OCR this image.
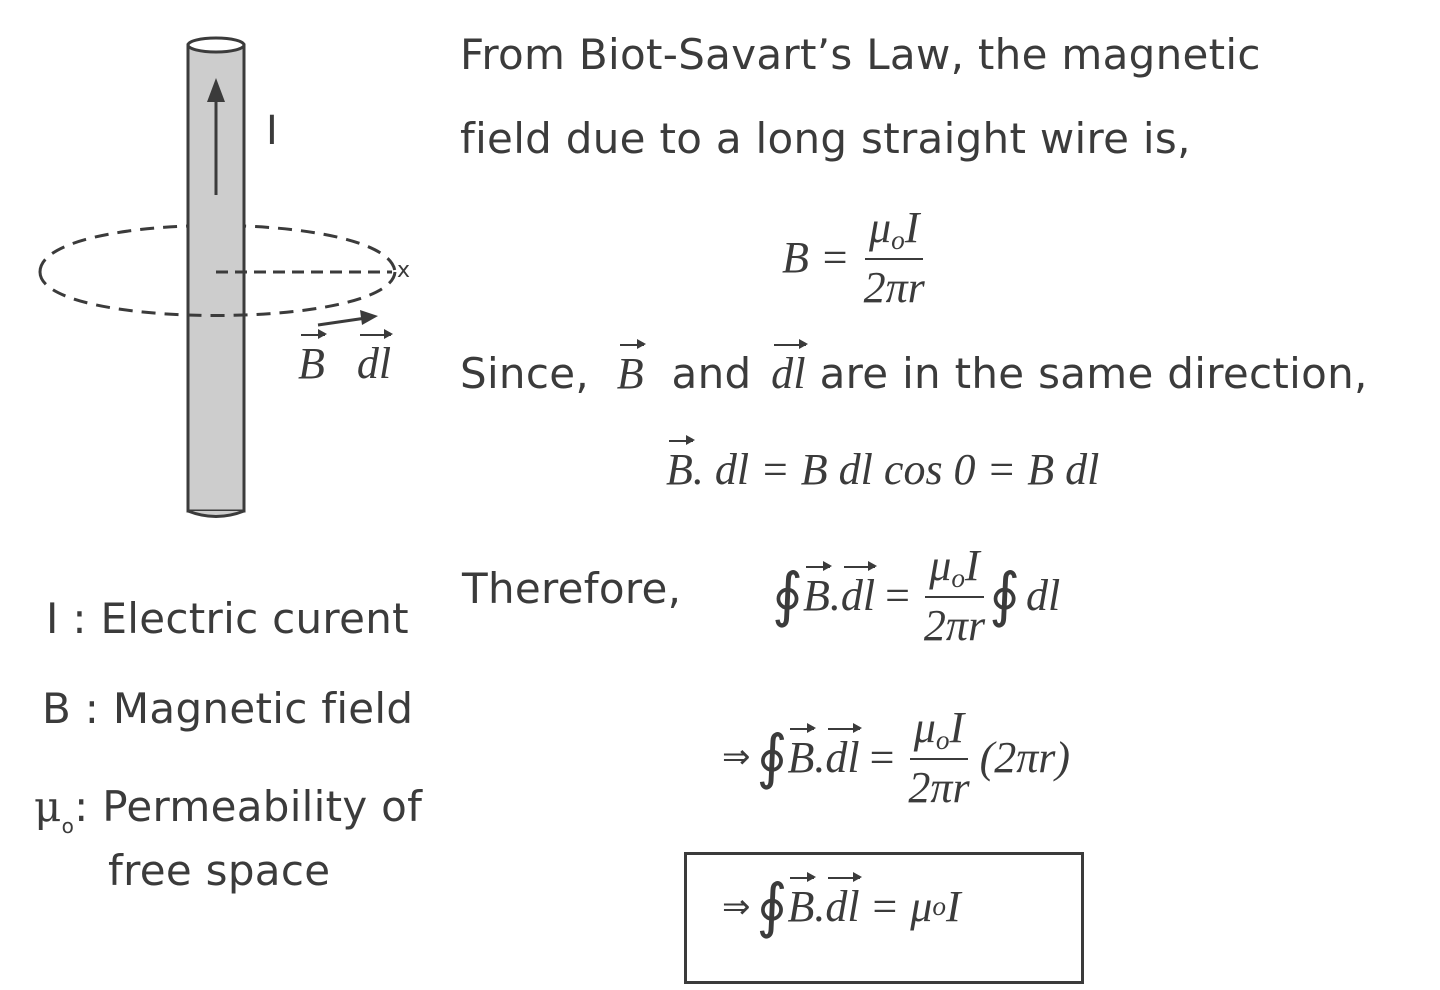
I
x
B dl
I : Electric curent
B : Magnetic field
$\mu_o$: Permeability of
free space
From Biot-Savart’s Law, the magnetic
field due to a long straight wire is,
$B = \frac{\mu_oI}{2\pi r}$
Since, B and dl are in the same direction,
B. dl = B dl cos 0 = B dl
Therefore, ∮ B . dl = $\frac{\mu_oI}{2\pi r}$ ∮ dl
⇒ ∮ B . dl = $\frac{\mu_oI}{2\pi r} (2\pi r)$
⇒ ∮ B . dl = μ o I
